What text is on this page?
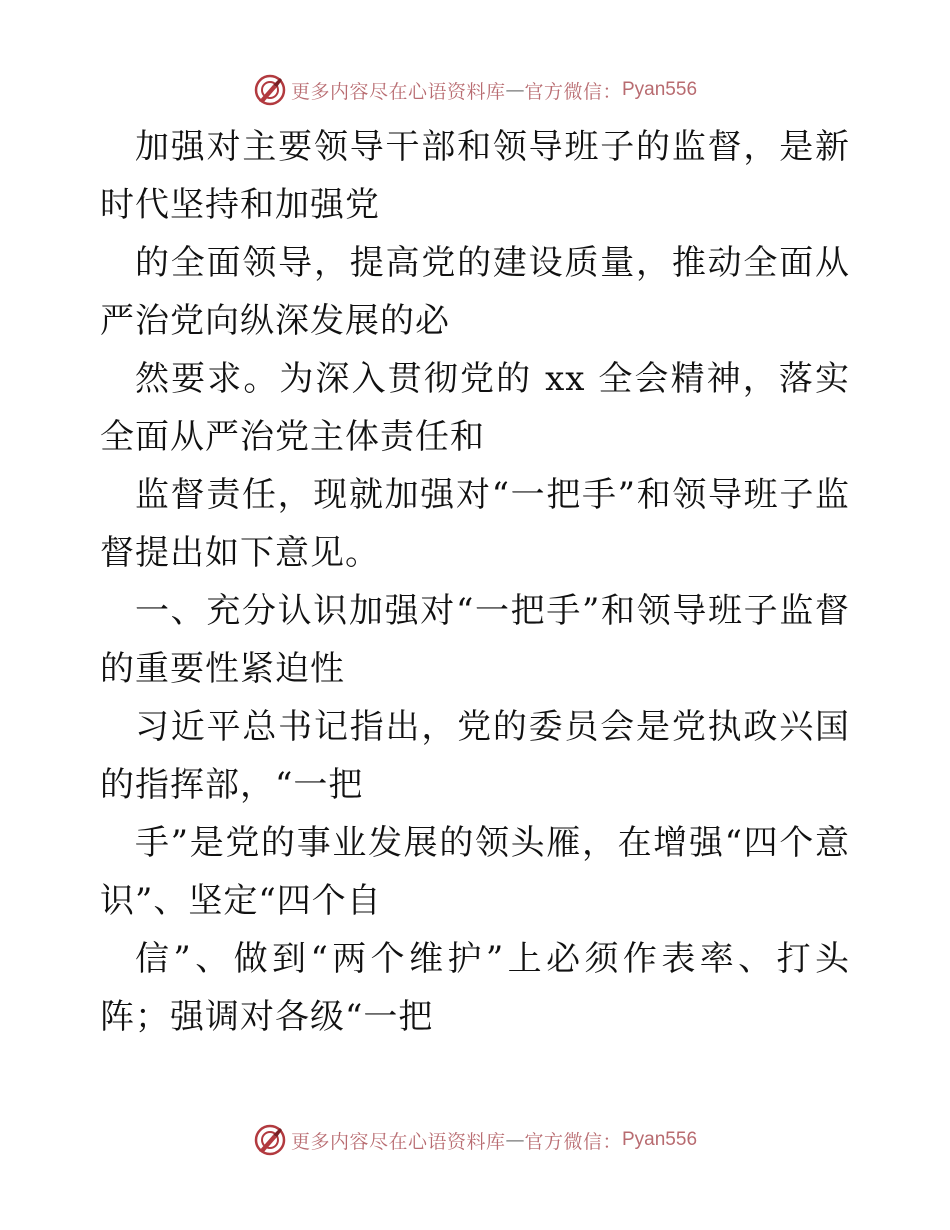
更多内容尽在心语资料库 — 官方微信： Pyan556

加强对主要领导干部和领导班子的监督，是新时代坚持和加强党

的全面领导，提高党的建设质量，推动全面从严治党向纵深发展的必

然要求。为深入贯彻党的 xx 全会精神，落实全面从严治党主体责任和

监督责任，现就加强对“一把手”和领导班子监督提出如下意见。

一、充分认识加强对“一把手”和领导班子监督的重要性紧迫性

习近平总书记指出，党的委员会是党执政兴国的指挥部，“一把

手”是党的事业发展的领头雁，在增强“四个意识”、坚定“四个自

信”、做到“两个维护”上必须作表率、打头阵；强调对各级“一把

更多内容尽在心语资料库 — 官方微信： Pyan556
